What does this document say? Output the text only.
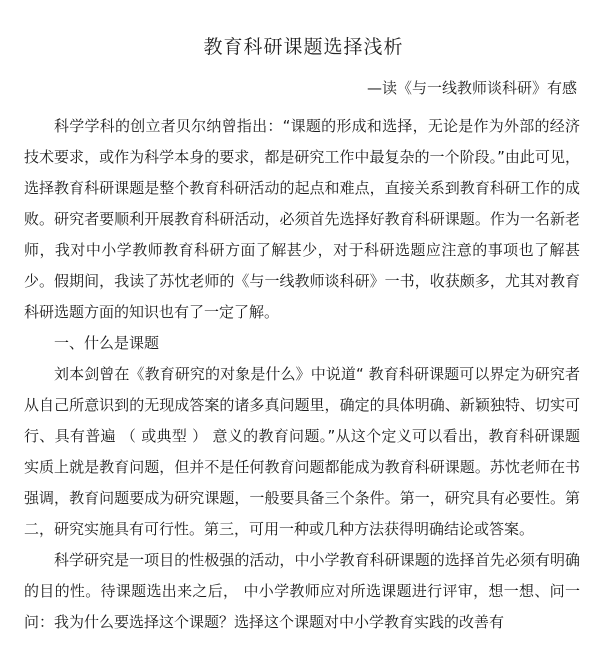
教育科研课题选择浅析
—读《与一线教师谈科研》有感

科学学科的创立者贝尔纳曾指出：“课题的形成和选择，无论是作为外部的经济技术要求，或作为科学本身的要求，都是研究工作中最复杂的一个阶段。”由此可见， 选择教育科研课题是整个教育科研活动的起点和难点，直接关系到教育科研工作的成败。研究者要顺利开展教育科研活动，必须首先选择好教育科研课题。作为一名新老师，我对中小学教师教育科研方面了解甚少，对于科研选题应注意的事项也了解甚少。假期间，我读了苏忱老师的《与一线教师谈科研》一书，收获颇多，尤其对教育科研选题方面的知识也有了一定了解。

一、什么是课题

刘本剑曾在《教育研究的对象是什么》中说道“ 教育科研课题可以界定为研究者从自己所意识到的无现成答案的诸多真问题里，确定的具体明确、新颖独特、切实可行、具有普遍 （ 或典型 ） 意义的教育问题。”从这个定义可以看出，教育科研课题实质上就是教育问题，但并不是任何教育问题都能成为教育科研课题。苏忱老师在书强调，教育问题要成为研究课题，一般要具备三个条件。第一，研究具有必要性。第二，研究实施具有可行性。第三，可用一种或几种方法获得明确结论或答案。

科学研究是一项目的性极强的活动，中小学教育科研课题的选择首先必须有明确的目的性。待课题选出来之后， 中小学教师应对所选课题进行评审，想一想、问一问：我为什么要选择这个课题？选择这个课题对中小学教育实践的改善有
